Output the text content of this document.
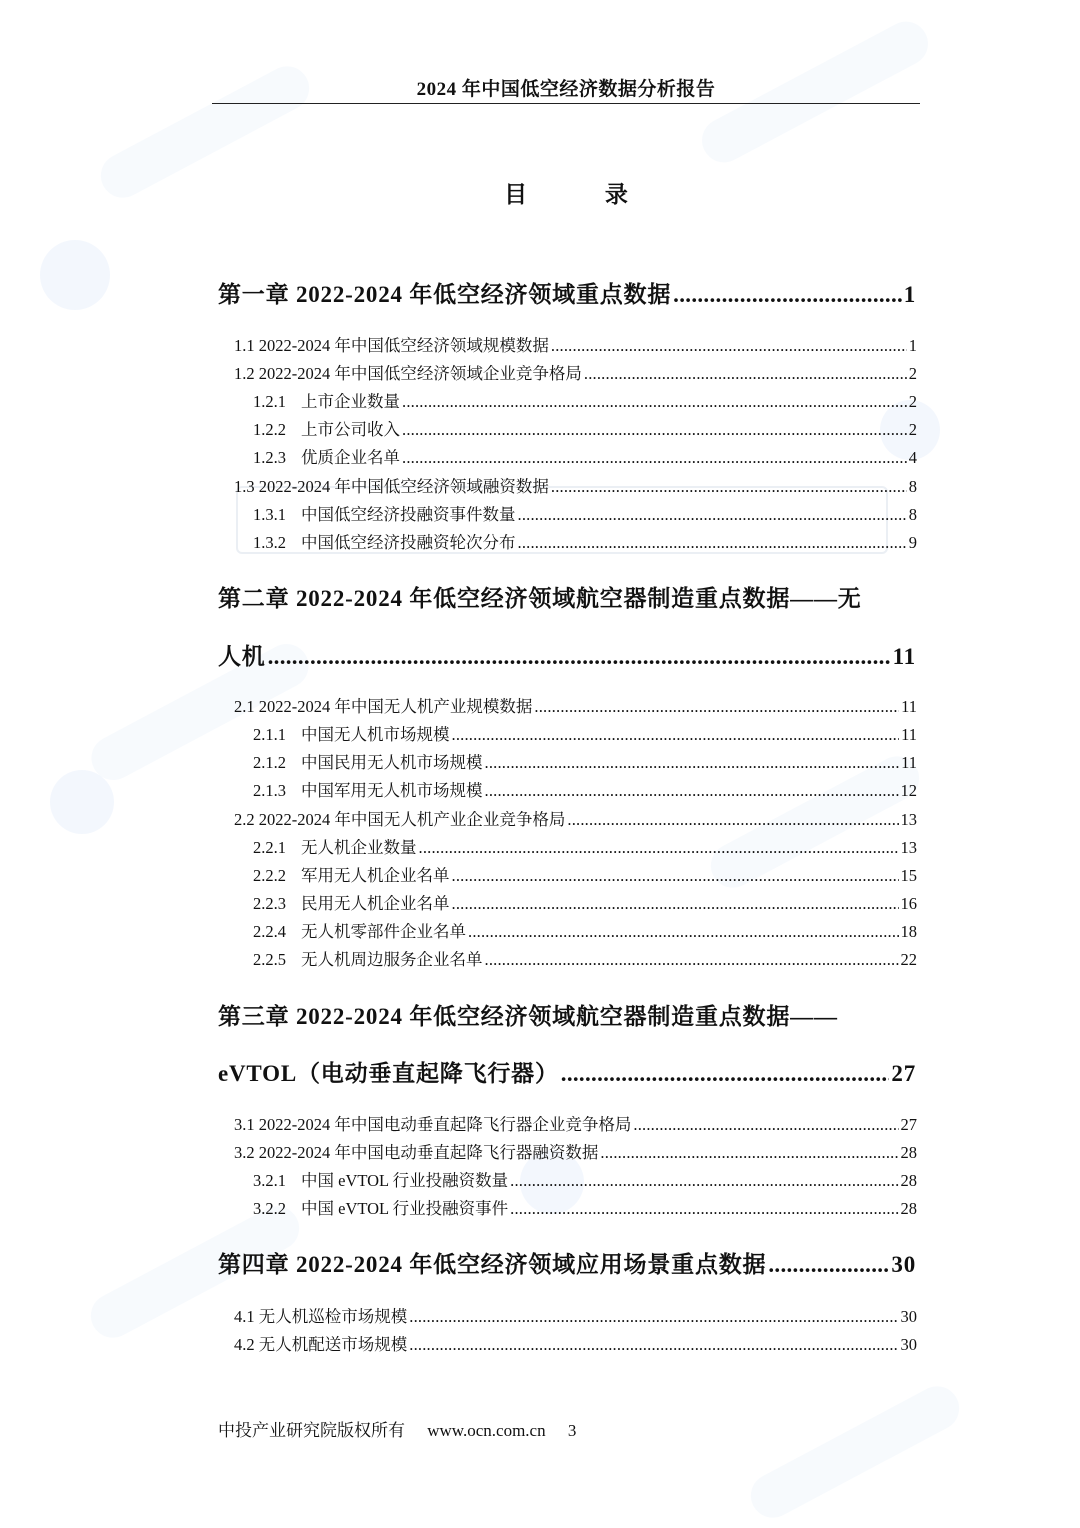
2024 年中国低空经济数据分析报告
目 录
第一章 2022-2024 年低空经济领域重点数据 .....	1
1.1 2022-2024 年中国低空经济领域规模数据 .....	1
1.2 2022-2024 年中国低空经济领域企业竞争格局 .....	2
1.2.1 上市企业数量 .....	2
1.2.2 上市公司收入 .....	2
1.2.3 优质企业名单 .....	4
1.3 2022-2024 年中国低空经济领域融资数据 .....	8
1.3.1 中国低空经济投融资事件数量 .....	8
1.3.2 中国低空经济投融资轮次分布 .....	9
第二章 2022-2024 年低空经济领域航空器制造重点数据——无
人机 .....	11
2.1 2022-2024 年中国无人机产业规模数据 .....	11
2.1.1 中国无人机市场规模 .....	11
2.1.2 中国民用无人机市场规模 .....	11
2.1.3 中国军用无人机市场规模 .....	12
2.2 2022-2024 年中国无人机产业企业竞争格局 .....	13
2.2.1 无人机企业数量 .....	13
2.2.2 军用无人机企业名单 .....	15
2.2.3 民用无人机企业名单 .....	16
2.2.4 无人机零部件企业名单 .....	18
2.2.5 无人机周边服务企业名单 .....	22
第三章 2022-2024 年低空经济领域航空器制造重点数据——
eVTOL（电动垂直起降飞行器） .....	27
3.1 2022-2024 年中国电动垂直起降飞行器企业竞争格局 .....	27
3.2 2022-2024 年中国电动垂直起降飞行器融资数据 .....	28
3.2.1 中国 eVTOL 行业投融资数量 .....	28
3.2.2 中国 eVTOL 行业投融资事件 .....	28
第四章 2022-2024 年低空经济领域应用场景重点数据 .....	30
4.1 无人机巡检市场规模 .....	30
4.2 无人机配送市场规模 .....	30
中投产业研究院版权所有 www.ocn.com.cn 3
